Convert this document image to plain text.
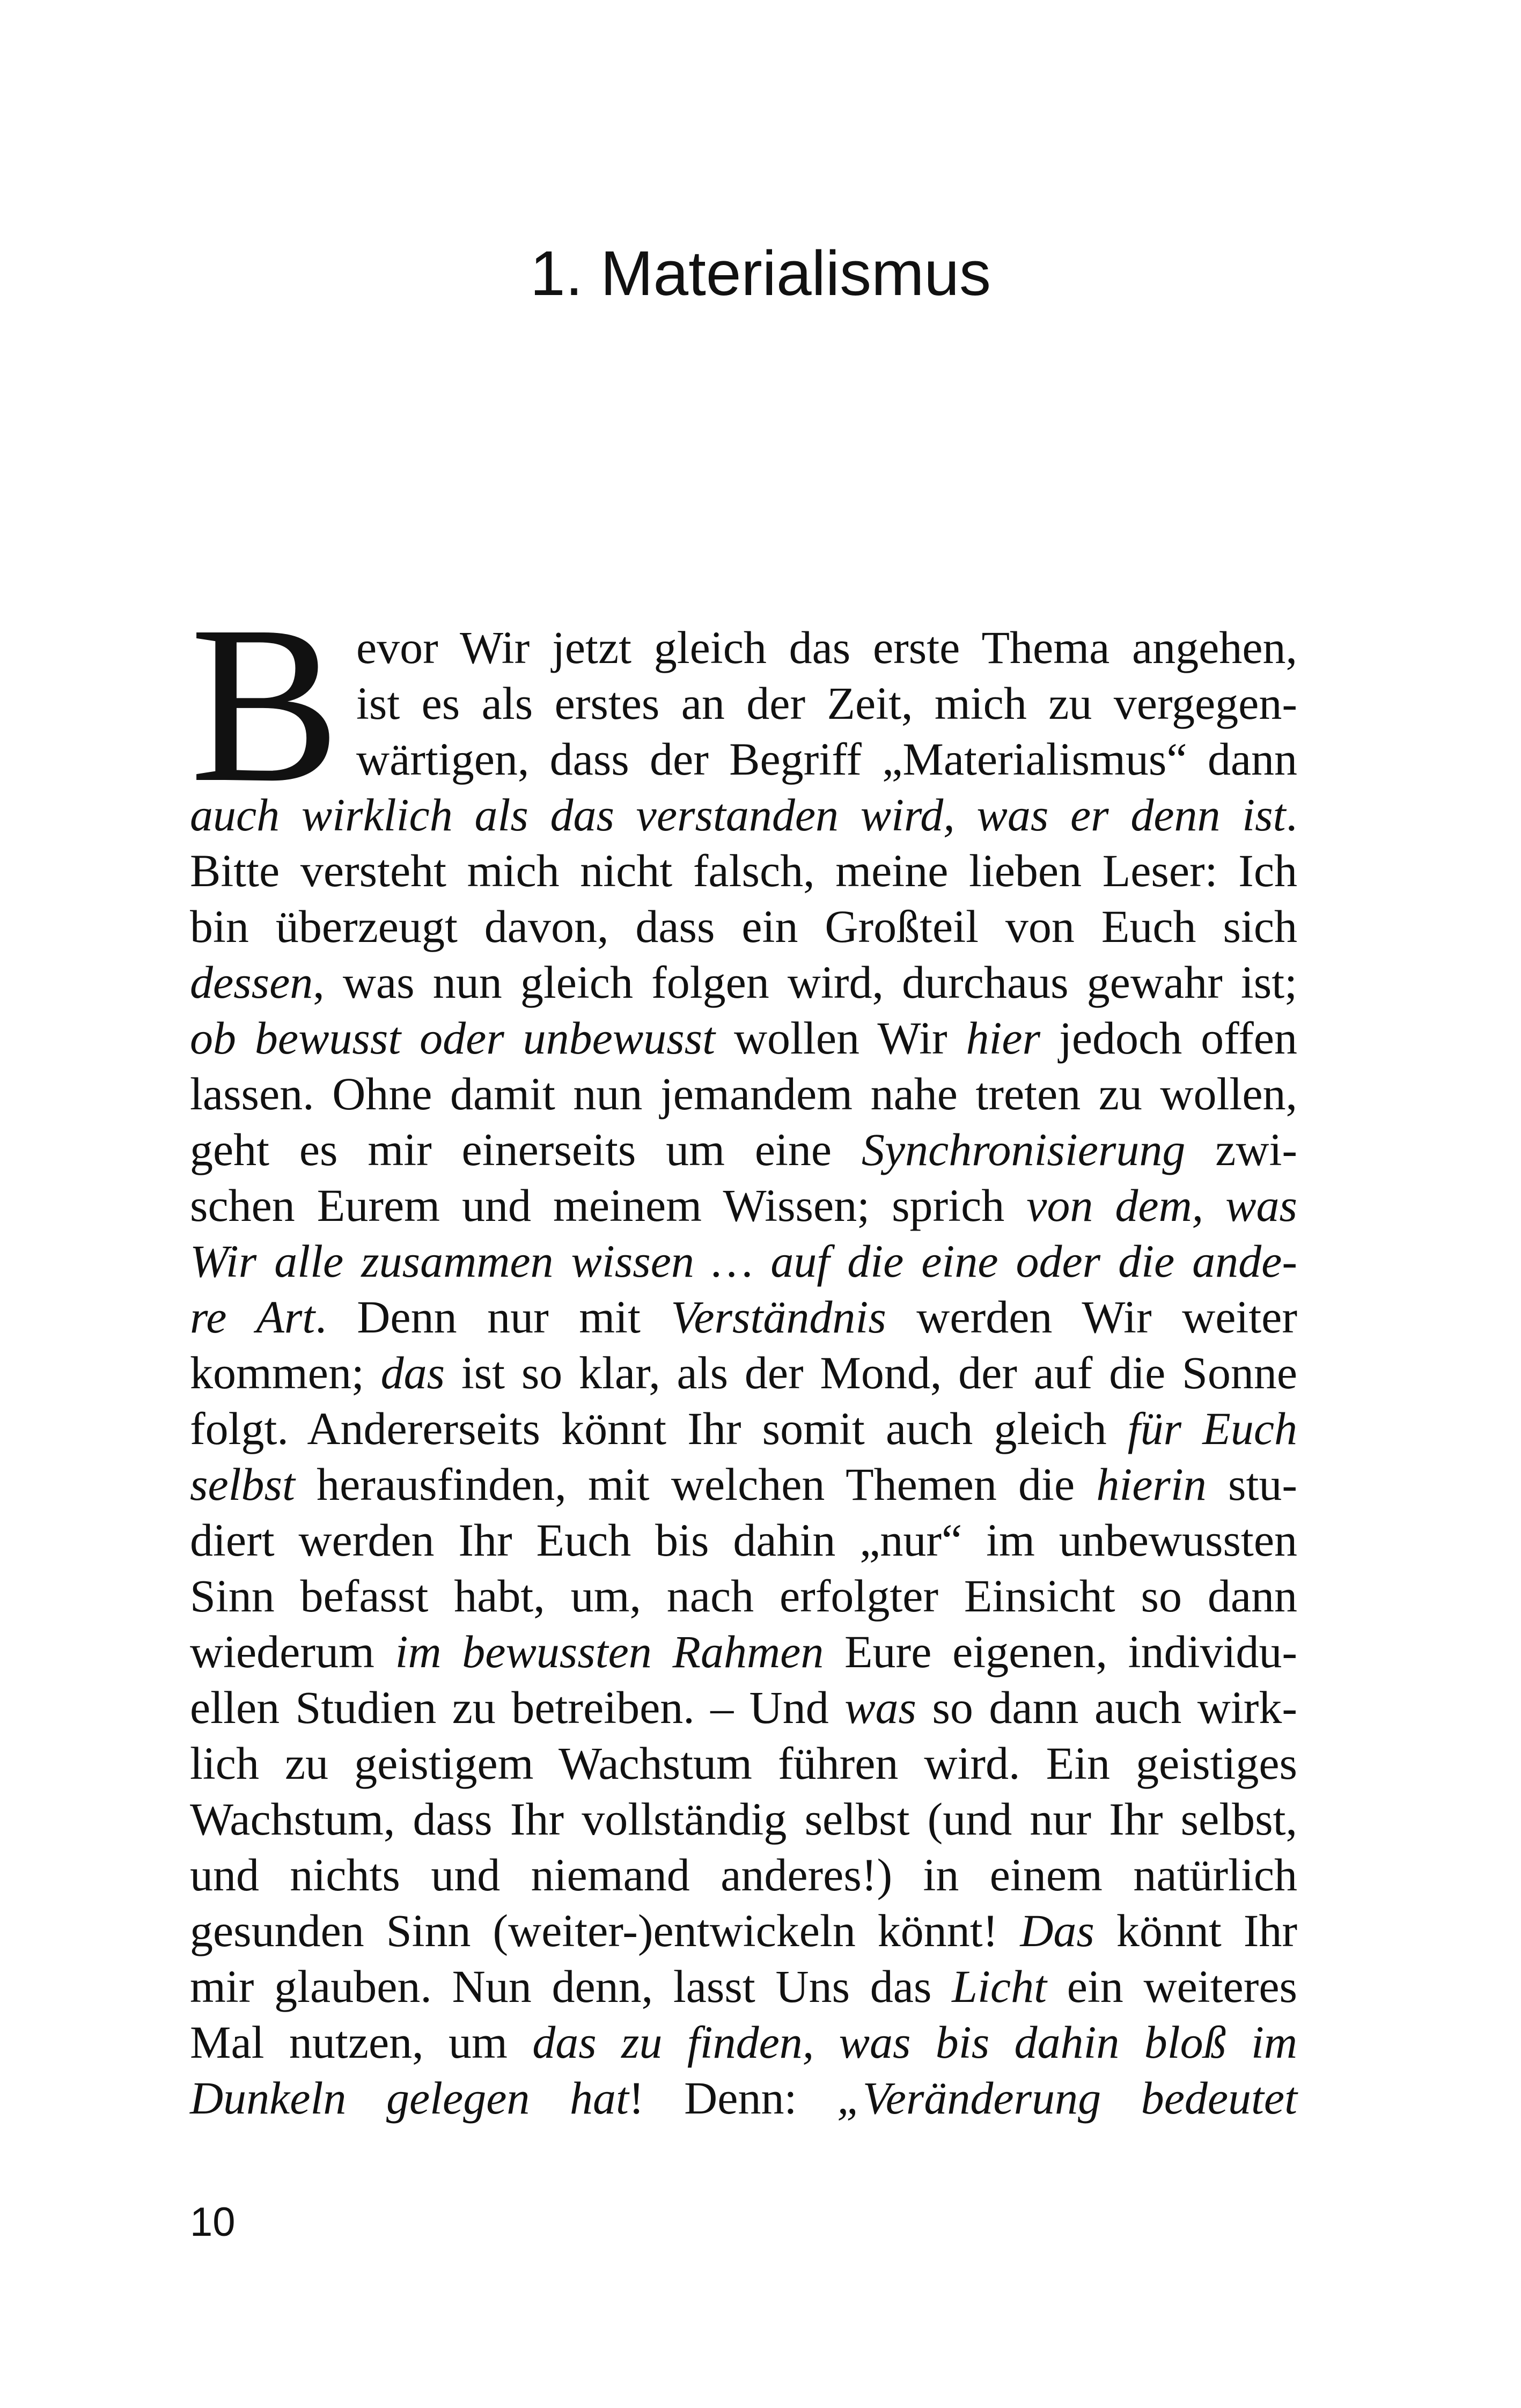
1. Materialismus
B evor Wir jetzt gleich das erste Thema angehen,
ist es als erstes an der Zeit, mich zu vergegen-
wärtigen, dass der Begriff „Materialismus“ dann
auch wirklich als das verstanden wird, was er denn ist.
Bitte versteht mich nicht falsch, meine lieben Leser: Ich
bin überzeugt davon, dass ein Großteil von Euch sich
dessen, was nun gleich folgen wird, durchaus gewahr ist;
ob bewusst oder unbewusst wollen Wir hier jedoch offen
lassen. Ohne damit nun jemandem nahe treten zu wollen,
geht es mir einerseits um eine Synchronisierung zwi-
schen Eurem und meinem Wissen; sprich von dem, was
Wir alle zusammen wissen … auf die eine oder die ande-
re Art. Denn nur mit Verständnis werden Wir weiter
kommen; das ist so klar, als der Mond, der auf die Sonne
folgt. Andererseits könnt Ihr somit auch gleich für Euch
selbst herausfinden, mit welchen Themen die hierin stu-
diert werden Ihr Euch bis dahin „nur“ im unbewussten
Sinn befasst habt, um, nach erfolgter Einsicht so dann
wiederum im bewussten Rahmen Eure eigenen, individu-
ellen Studien zu betreiben. – Und was so dann auch wirk-
lich zu geistigem Wachstum führen wird. Ein geistiges
Wachstum, dass Ihr vollständig selbst (und nur Ihr selbst,
und nichts und niemand anderes!) in einem natürlich
gesunden Sinn (weiter-)entwickeln könnt! Das könnt Ihr
mir glauben. Nun denn, lasst Uns das Licht ein weiteres
Mal nutzen, um das zu finden, was bis dahin bloß im
Dunkeln gelegen hat! Denn: „Veränderung bedeutet
10
